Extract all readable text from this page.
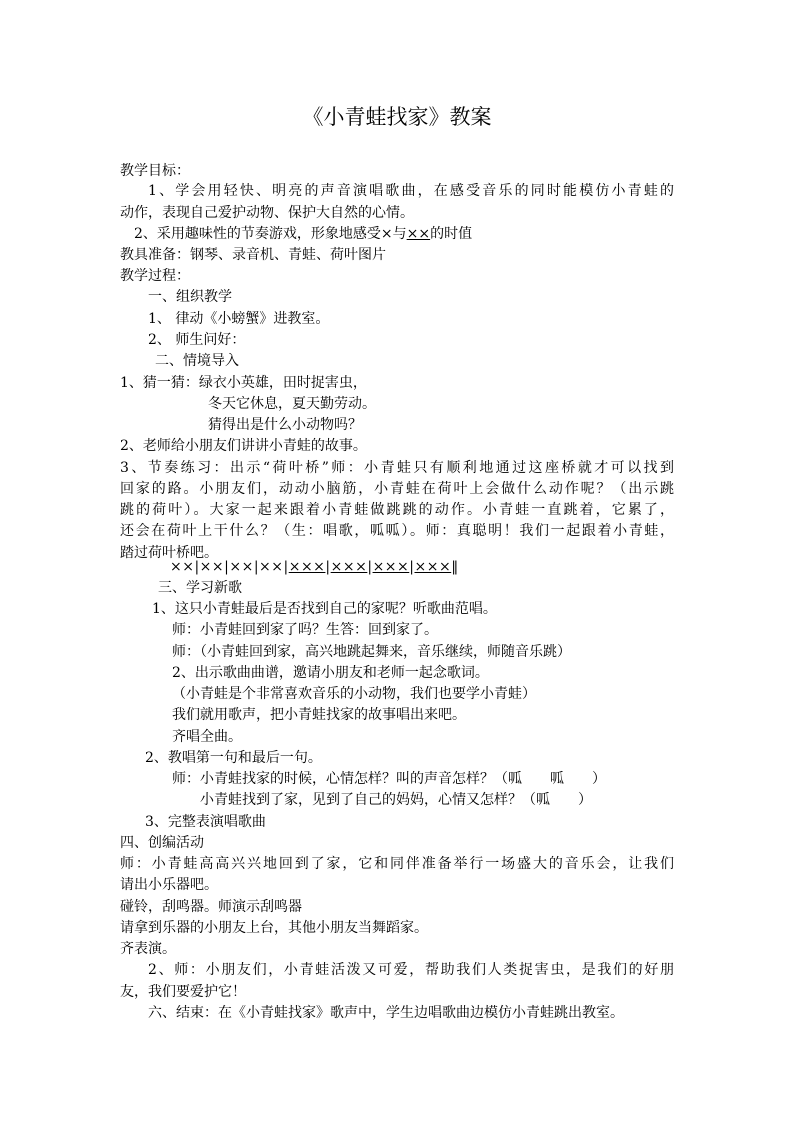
《小青蛙找家》教案
教学目标：
1、学会用轻快、明亮的声音演唱歌曲，在感受音乐的同时能模仿小青蛙的
动作，表现自己爱护动物、保护大自然的心情。
2、采用趣味性的节奏游戏，形象地感受×与××的时值
教具准备：钢琴、录音机、青蛙、荷叶图片
教学过程：
一、组织教学
1、 律动《小螃蟹》进教室。
2、 师生问好：
二、情境导入
1、猜一猜：绿衣小英雄，田时捉害虫，
冬天它休息，夏天勤劳动。
猜得出是什么小动物吗？
2、老师给小朋友们讲讲小青蛙的故事。
3、节奏练习：出示“荷叶桥”师：小青蛙只有顺利地通过这座桥就才可以找到
回家的路。小朋友们，动动小脑筋，小青蛙在荷叶上会做什么动作呢？（出示跳
跳的荷叶）。大家一起来跟着小青蛙做跳跳的动作。小青蛙一直跳着，它累了，
还会在荷叶上干什么？（生：唱歌，呱呱）。师：真聪明！我们一起跟着小青蛙，
踏过荷叶桥吧。
××|××|××|××|×××|×××|×××|×××‖
三、学习新歌
1、这只小青蛙最后是否找到自己的家呢？听歌曲范唱。
师：小青蛙回到家了吗？生答：回到家了。
师：（小青蛙回到家，高兴地跳起舞来，音乐继续，师随音乐跳）
2、出示歌曲曲谱，邀请小朋友和老师一起念歌词。
（小青蛙是个非常喜欢音乐的小动物，我们也要学小青蛙）
我们就用歌声，把小青蛙找家的故事唱出来吧。
齐唱全曲。
2、教唱第一句和最后一句。
师：小青蛙找家的时候，心情怎样？叫的声音怎样？（呱　　呱　　）
小青蛙找到了家，见到了自己的妈妈，心情又怎样？（呱　　）
3、完整表演唱歌曲
四、创编活动
师：小青蛙高高兴兴地回到了家，它和同伴准备举行一场盛大的音乐会，让我们
请出小乐器吧。
碰铃，刮鸣器。师演示刮鸣器
请拿到乐器的小朋友上台，其他小朋友当舞蹈家。
齐表演。
2、师：小朋友们，小青蛙活泼又可爱，帮助我们人类捉害虫，是我们的好朋
友，我们要爱护它！
六、结束：在《小青蛙找家》歌声中，学生边唱歌曲边模仿小青蛙跳出教室。
